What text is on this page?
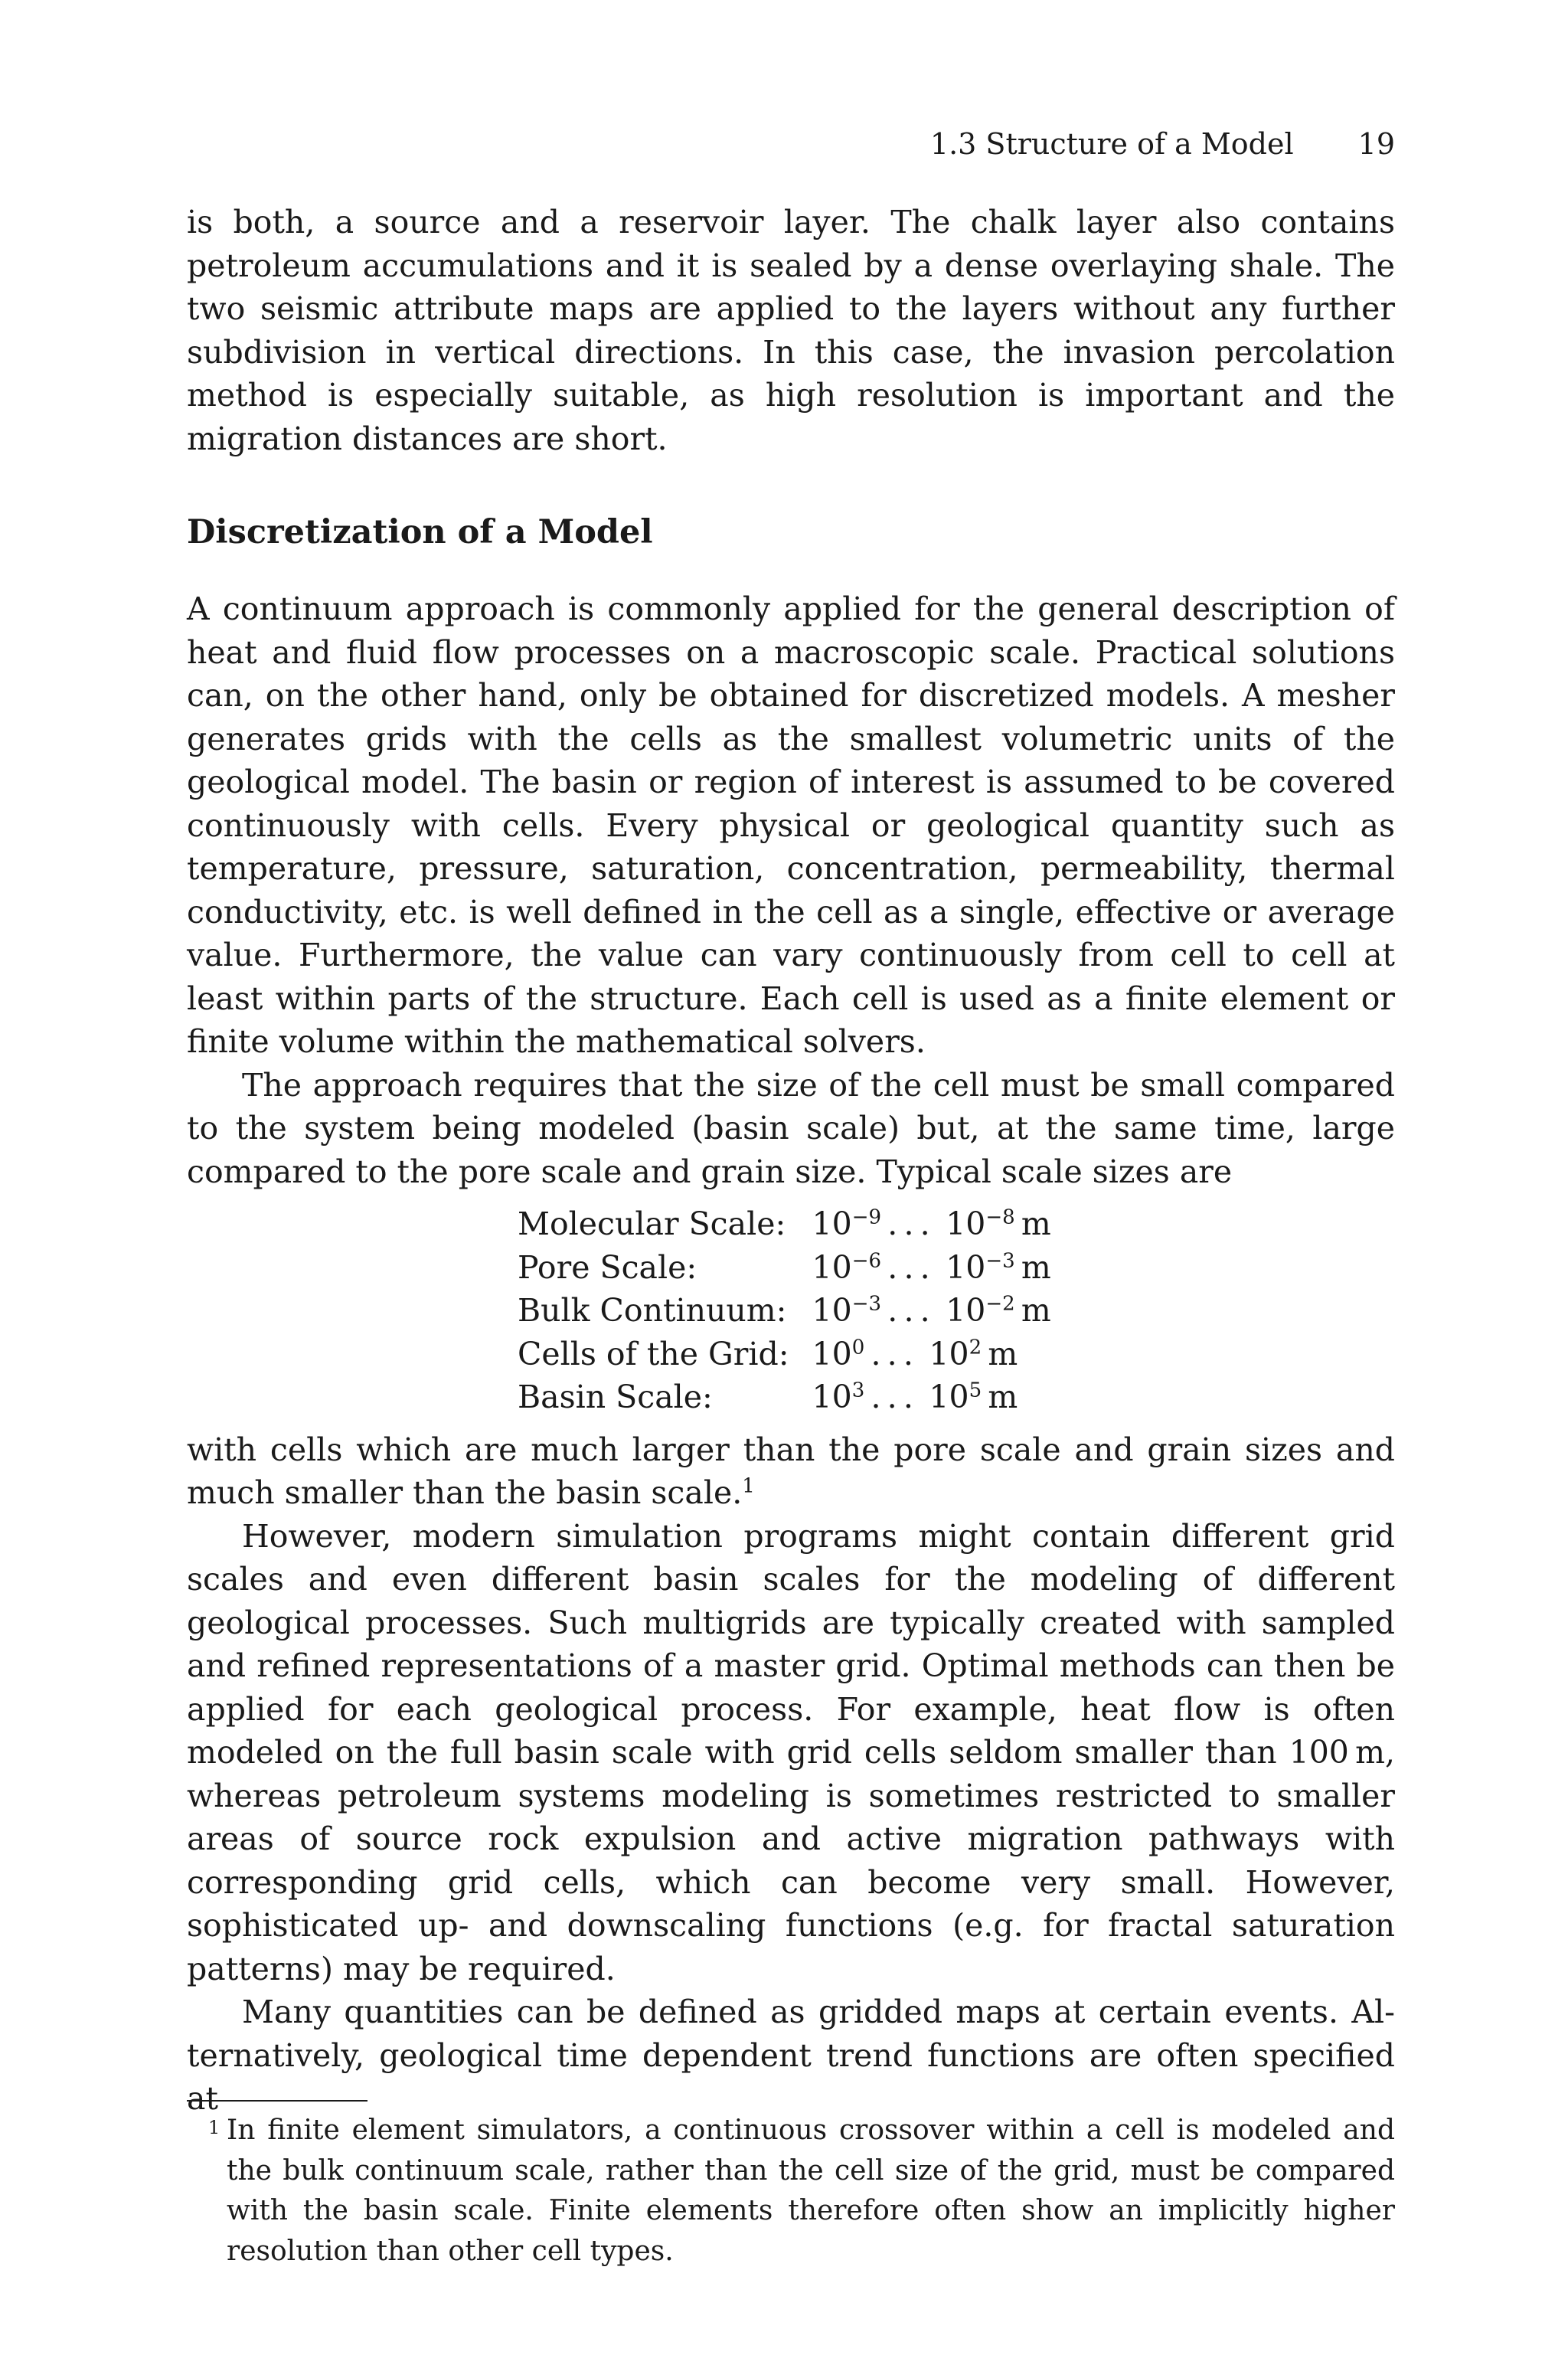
1.3 Structure of a Model 19

is both, a source and a reservoir layer. The chalk layer also contains petroleum accumulations and it is sealed by a dense overlaying shale. The two seismic attribute maps are applied to the layers without any further subdivision in vertical directions. In this case, the invasion percolation method is especially suitable, as high resolution is important and the migration distances are short.

Discretization of a Model

A continuum approach is commonly applied for the general description of heat and fluid flow processes on a macroscopic scale. Practical solutions can, on the other hand, only be obtained for discretized models. A mesher generates grids with the cells as the smallest volumetric units of the geological model. The basin or region of interest is assumed to be covered continuously with cells. Every physical or geological quantity such as temperature, pressure, saturation, concentration, permeability, thermal conductivity, etc. is well defined in the cell as a single, effective or average value. Furthermore, the value can vary continuously from cell to cell at least within parts of the structure. Each cell is used as a finite element or finite volume within the mathematical solvers.

The approach requires that the size of the cell must be small compared to the system being modeled (basin scale) but, at the same time, large compared to the pore scale and grain size. Typical scale sizes are

Molecular Scale:	$10^{-9}$ . . .  $10^{-8}$  m
Pore Scale:	$10^{-6}$ . . .  $10^{-3}$  m
Bulk Continuum:	$10^{-3}$ . . .  $10^{-2}$  m
Cells of the Grid:	$10^0$ . . .  $10^2$  m
Basin Scale:	$10^3$ . . .  $10^5$  m

with cells which are much larger than the pore scale and grain sizes and much smaller than the basin scale.$^1$

However, modern simulation programs might contain different grid scales and even different basin scales for the modeling of different geological processes. Such multigrids are typically created with sampled and refined representations of a master grid. Optimal methods can then be applied for each geological process. For example, heat flow is often modeled on the full basin scale with grid cells seldom smaller than 100 m, whereas petroleum systems modeling is sometimes restricted to smaller areas of source rock expulsion and active migration pathways with corresponding grid cells, which can become very small. However, sophisticated up- and downscaling functions (e.g. for fractal saturation patterns) may be required.

Many quantities can be defined as gridded maps at certain events. Alternatively, geological time dependent trend functions are often specified at

1 In finite element simulators, a continuous crossover within a cell is modeled and the bulk continuum scale, rather than the cell size of the grid, must be compared with the basin scale. Finite elements therefore often show an implicitly higher resolution than other cell types.
